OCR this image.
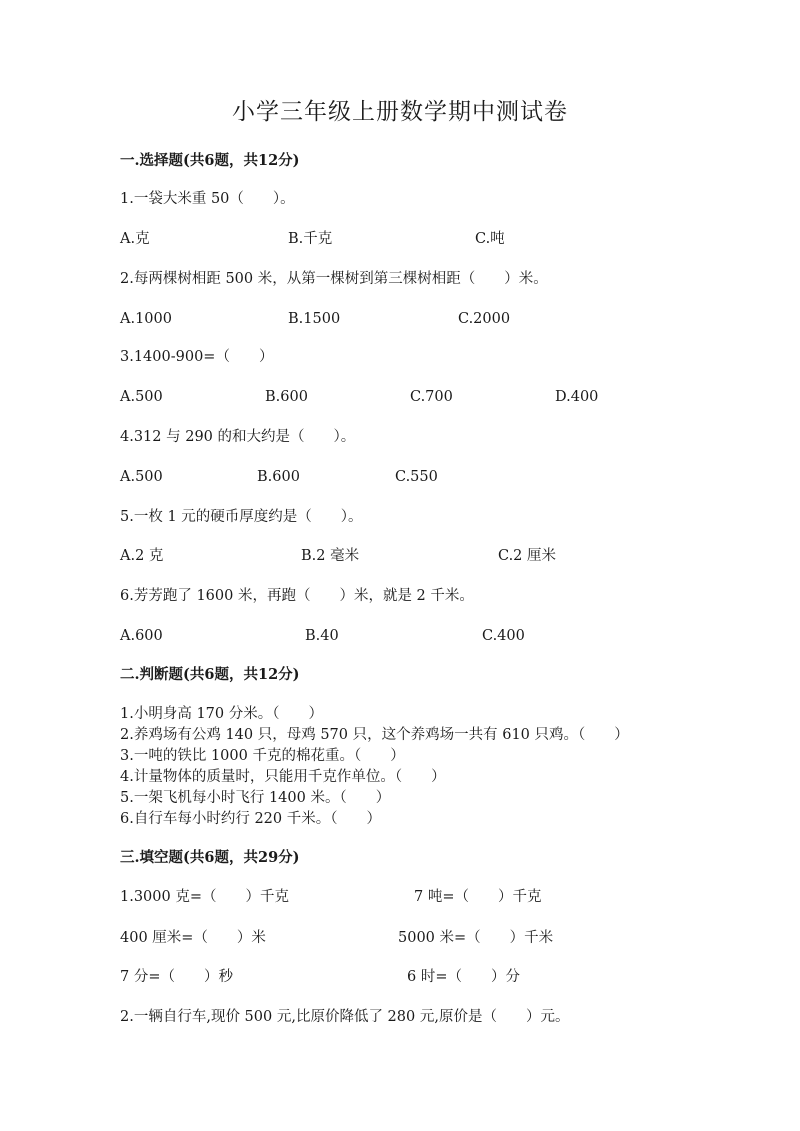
小学三年级上册数学期中测试卷
一.选择题(共6题，共12分)
1.一袋大米重 50（　　）。
A.克	B.千克	C.吨
2.每两棵树相距 500 米，从第一棵树到第三棵树相距（　　）米。
A.1000	B.1500	C.2000
3.1400-900=（　　）
A.500	B.600	C.700	D.400
4.312 与 290 的和大约是（　　）。
A.500	B.600	C.550
5.一枚 1 元的硬币厚度约是（　　）。
A.2 克	B.2 毫米	C.2 厘米
6.芳芳跑了 1600 米，再跑（　　）米，就是 2 千米。
A.600	B.40	C.400
二.判断题(共6题，共12分)
1.小明身高 170 分米。（　　）
2.养鸡场有公鸡 140 只，母鸡 570 只，这个养鸡场一共有 610 只鸡。（　　）
3.一吨的铁比 1000 千克的棉花重。（　　）
4.计量物体的质量时，只能用千克作单位。（　　）
5.一架飞机每小时飞行 1400 米。（　　）
6.自行车每小时约行 220 千米。（　　）
三.填空题(共6题，共29分)
1.3000 克=（　　）千克	7 吨=（　　）千克
400 厘米=（　　）米	5000 米=（　　）千米
7 分=（　　）秒	6 时=（　　）分
2.一辆自行车,现价 500 元,比原价降低了 280 元,原价是（　　）元。
